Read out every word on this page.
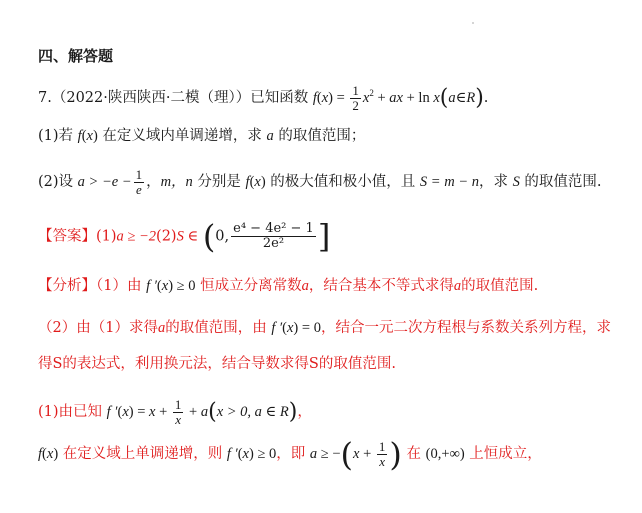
四、解答题
7.（2022·陕西陕西·二模（理））已知函数 $f(x) = \frac{1}{2} x^2$ + ax + ln x(a∈R).
(1)若 f(x) 在定义域内单调递增，求 a 的取值范围；
(2)设 $a > -e - \frac{1}{e}$ ，m，n 分别是 f(x) 的极大值和极小值，且 S = m − n，求 S 的取值范围.
【答案】(1)a ≥ −2(2)S ∈ (0, $\frac{\text{e⁴ − 4e² − 1}}{\text{2e²}}$ ]
【分析】（1）由 f ′(x) ≥ 0 恒成立分离常数a，结合基本不等式求得a的取值范围.
（2）由（1）求得a的取值范围，由 f ′(x) = 0，结合一元二次方程根与系数关系列方程，求
得S的表达式，利用换元法，结合导数求得S的取值范围.
(1)由已知 f $'(x) = x + \frac{1}{x} + a(x > 0$, a ∈ R)，
f(x) 在定义域上单调递增，则 f ′(x) ≥ 0，即 $a \ge -(x + \frac{1}{x}$ ) 在 (0,+∞) 上恒成立，
